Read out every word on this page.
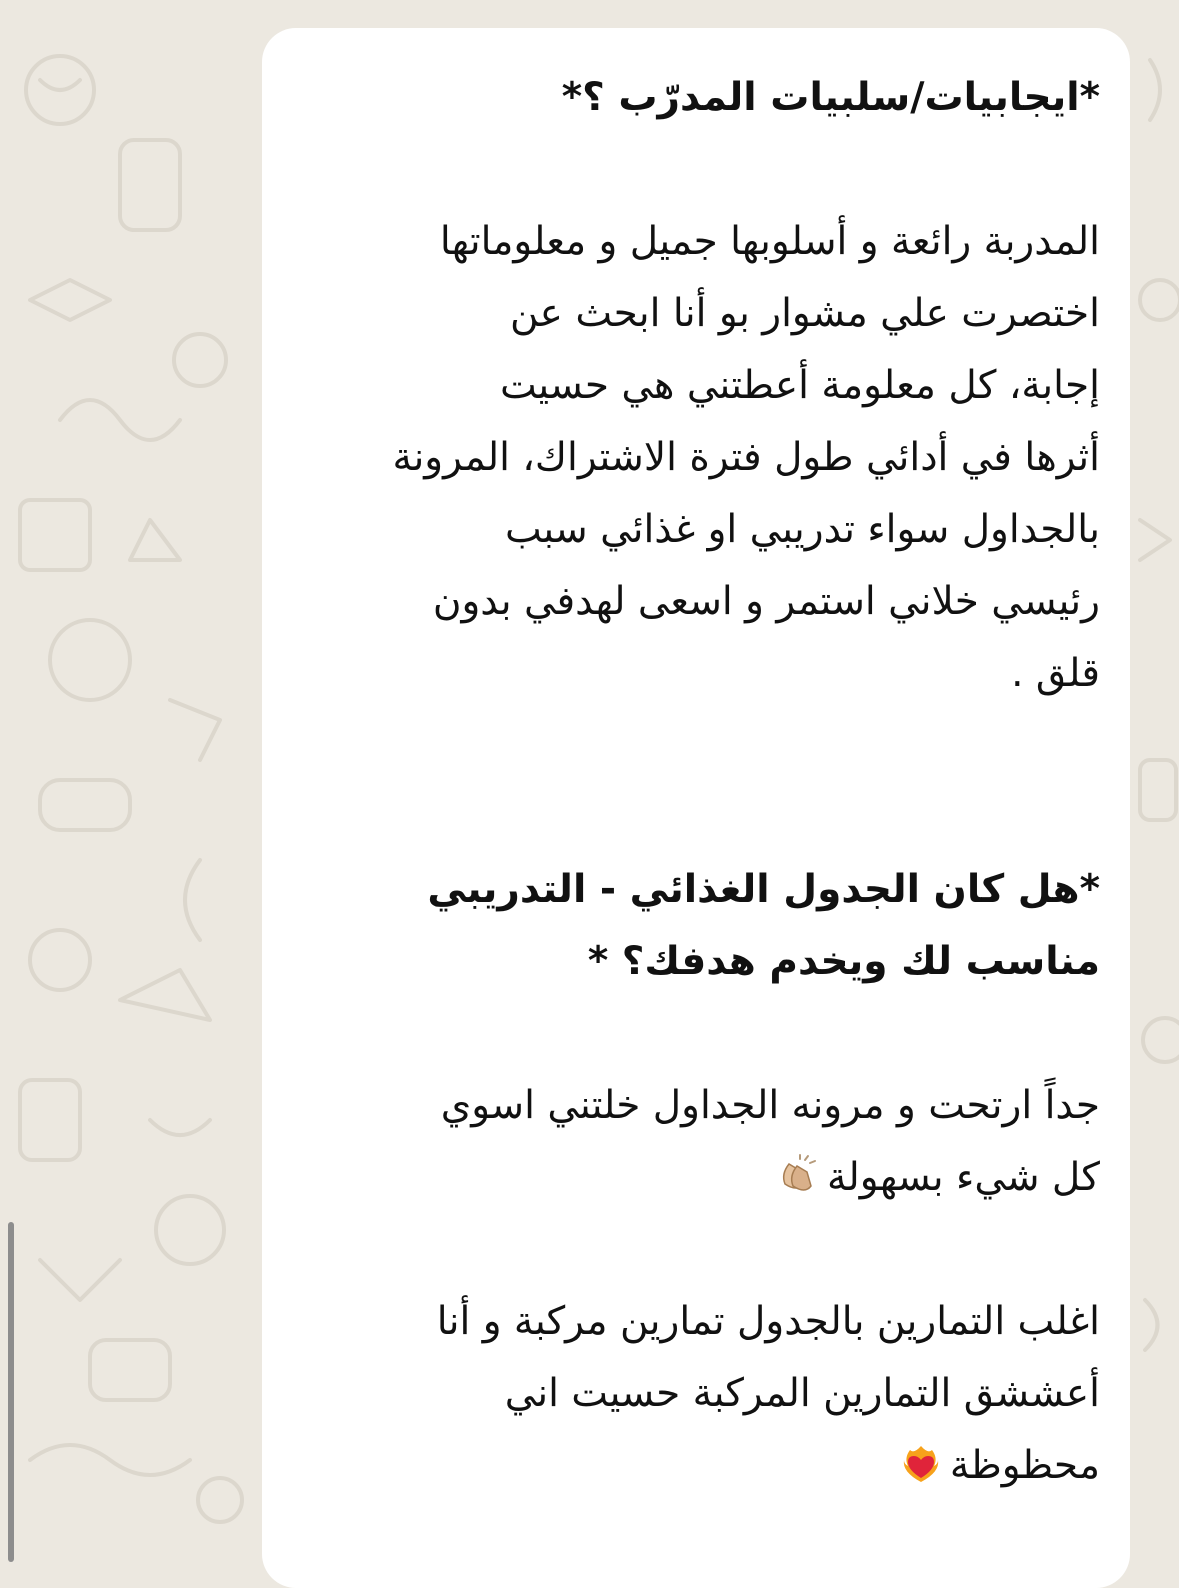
*ايجابيات/سلبيات المدرّب ؟*

المدربة رائعة و أسلوبها جميل و معلوماتها
اختصرت علي مشوار بو أنا ابحث عن
إجابة، كل معلومة أعطتني هي حسيت
أثرها في أدائي طول فترة الاشتراك، المرونة
بالجداول سواء تدريبي او غذائي سبب
رئيسي خلاني استمر و اسعى لهدفي بدون
قلق .

*هل كان الجدول الغذائي - التدريبي
مناسب لك ويخدم هدفك؟ *

جداً ارتحت و مرونه الجداول خلتني اسوي
كل شيء بسهولة

اغلب التمارين بالجدول تمارين مركبة و أنا
أعششق التمارين المركبة حسيت اني
محظوظة
